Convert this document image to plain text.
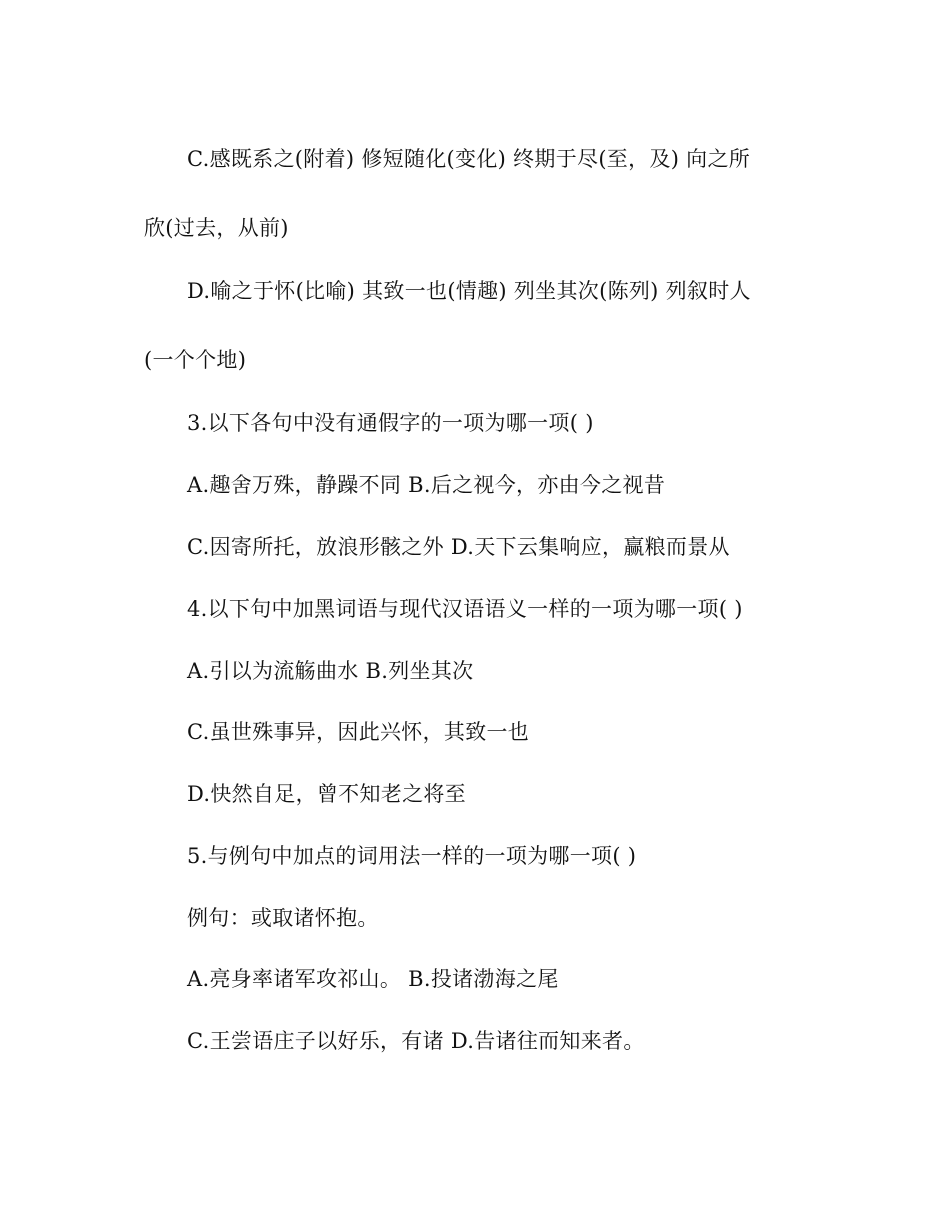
C.感既系之(附着) 修短随化(变化) 终期于尽(至，及) 向之所

欣(过去，从前)

D.喻之于怀(比喻) 其致一也(情趣) 列坐其次(陈列) 列叙时人

(一个个地)

3.以下各句中没有通假字的一项为哪一项( )

A.趣舍万殊，静躁不同 B.后之视今，亦由今之视昔

C.因寄所托，放浪形骸之外 D.天下云集响应，赢粮而景从

4.以下句中加黑词语与现代汉语语义一样的一项为哪一项( )

A.引以为流觞曲水 B.列坐其次

C.虽世殊事异，因此兴怀，其致一也

D.快然自足，曾不知老之将至

5.与例句中加点的词用法一样的一项为哪一项( )

例句：或取诸怀抱。

A.亮身率诸军攻祁山。 B.投诸渤海之尾

C.王尝语庄子以好乐，有诸 D.告诸往而知来者。
